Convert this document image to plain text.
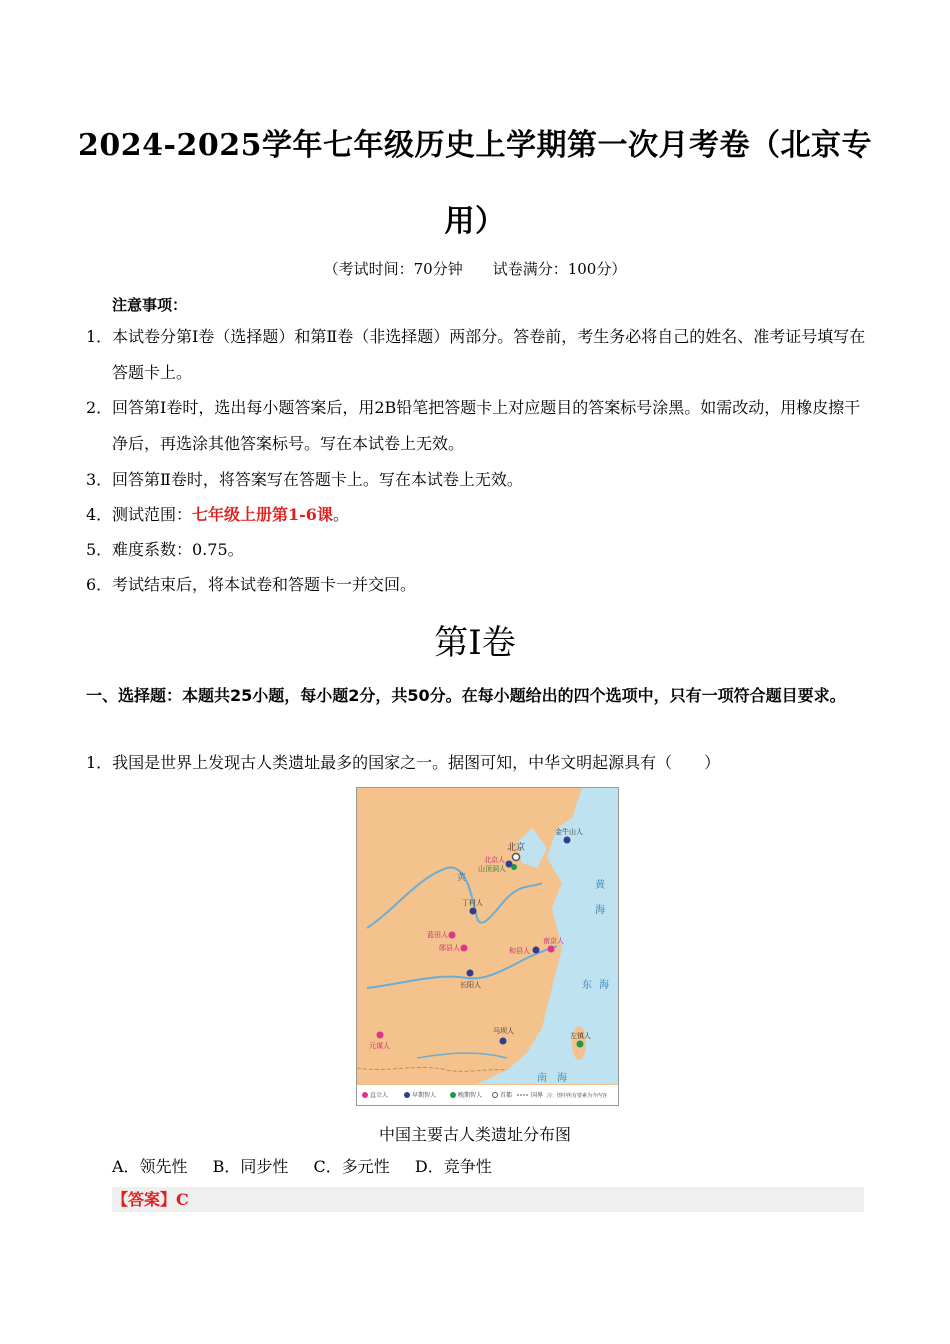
2024-2025学年七年级历史上学期第一次月考卷（北京专
用）
（考试时间：70分钟　　试卷满分：100分）
注意事项：
1． 本试卷分第Ⅰ卷（选择题）和第Ⅱ卷（非选择题）两部分。答卷前，考生务必将自己的姓名、准考证号填写在答题卡上。
2． 回答第Ⅰ卷时，选出每小题答案后，用2B铅笔把答题卡上对应题目的答案标号涂黑。如需改动，用橡皮擦干净后，再选涂其他答案标号。写在本试卷上无效。
3．回答第Ⅱ卷时，将答案写在答题卡上。写在本试卷上无效。
4．测试范围：七年级上册第1-6课。
5．难度系数：0.75。
6．考试结束后，将本试卷和答题卡一并交回。
第Ⅰ卷
一、选择题：本题共25小题，每小题2分，共50分。在每小题给出的四个选项中，只有一项符合题目要求。
1．我国是世界上发现古人类遗址最多的国家之一。据图可知，中华文明起源具有（　　）
黄
海
东 海
南 海
黄
北京
金牛山人
北京人
山顶洞人
丁村人
蓝田人
郧县人	和县人
南京人
长阳人
元谋人
马坝人
左镇人
直立人	早期智人	晚期智人	首都	国界 注：图中所有要素为今内容
中国主要古人类遗址分布图
A．领先性 B．同步性 C．多元性 D．竞争性
【答案】C
